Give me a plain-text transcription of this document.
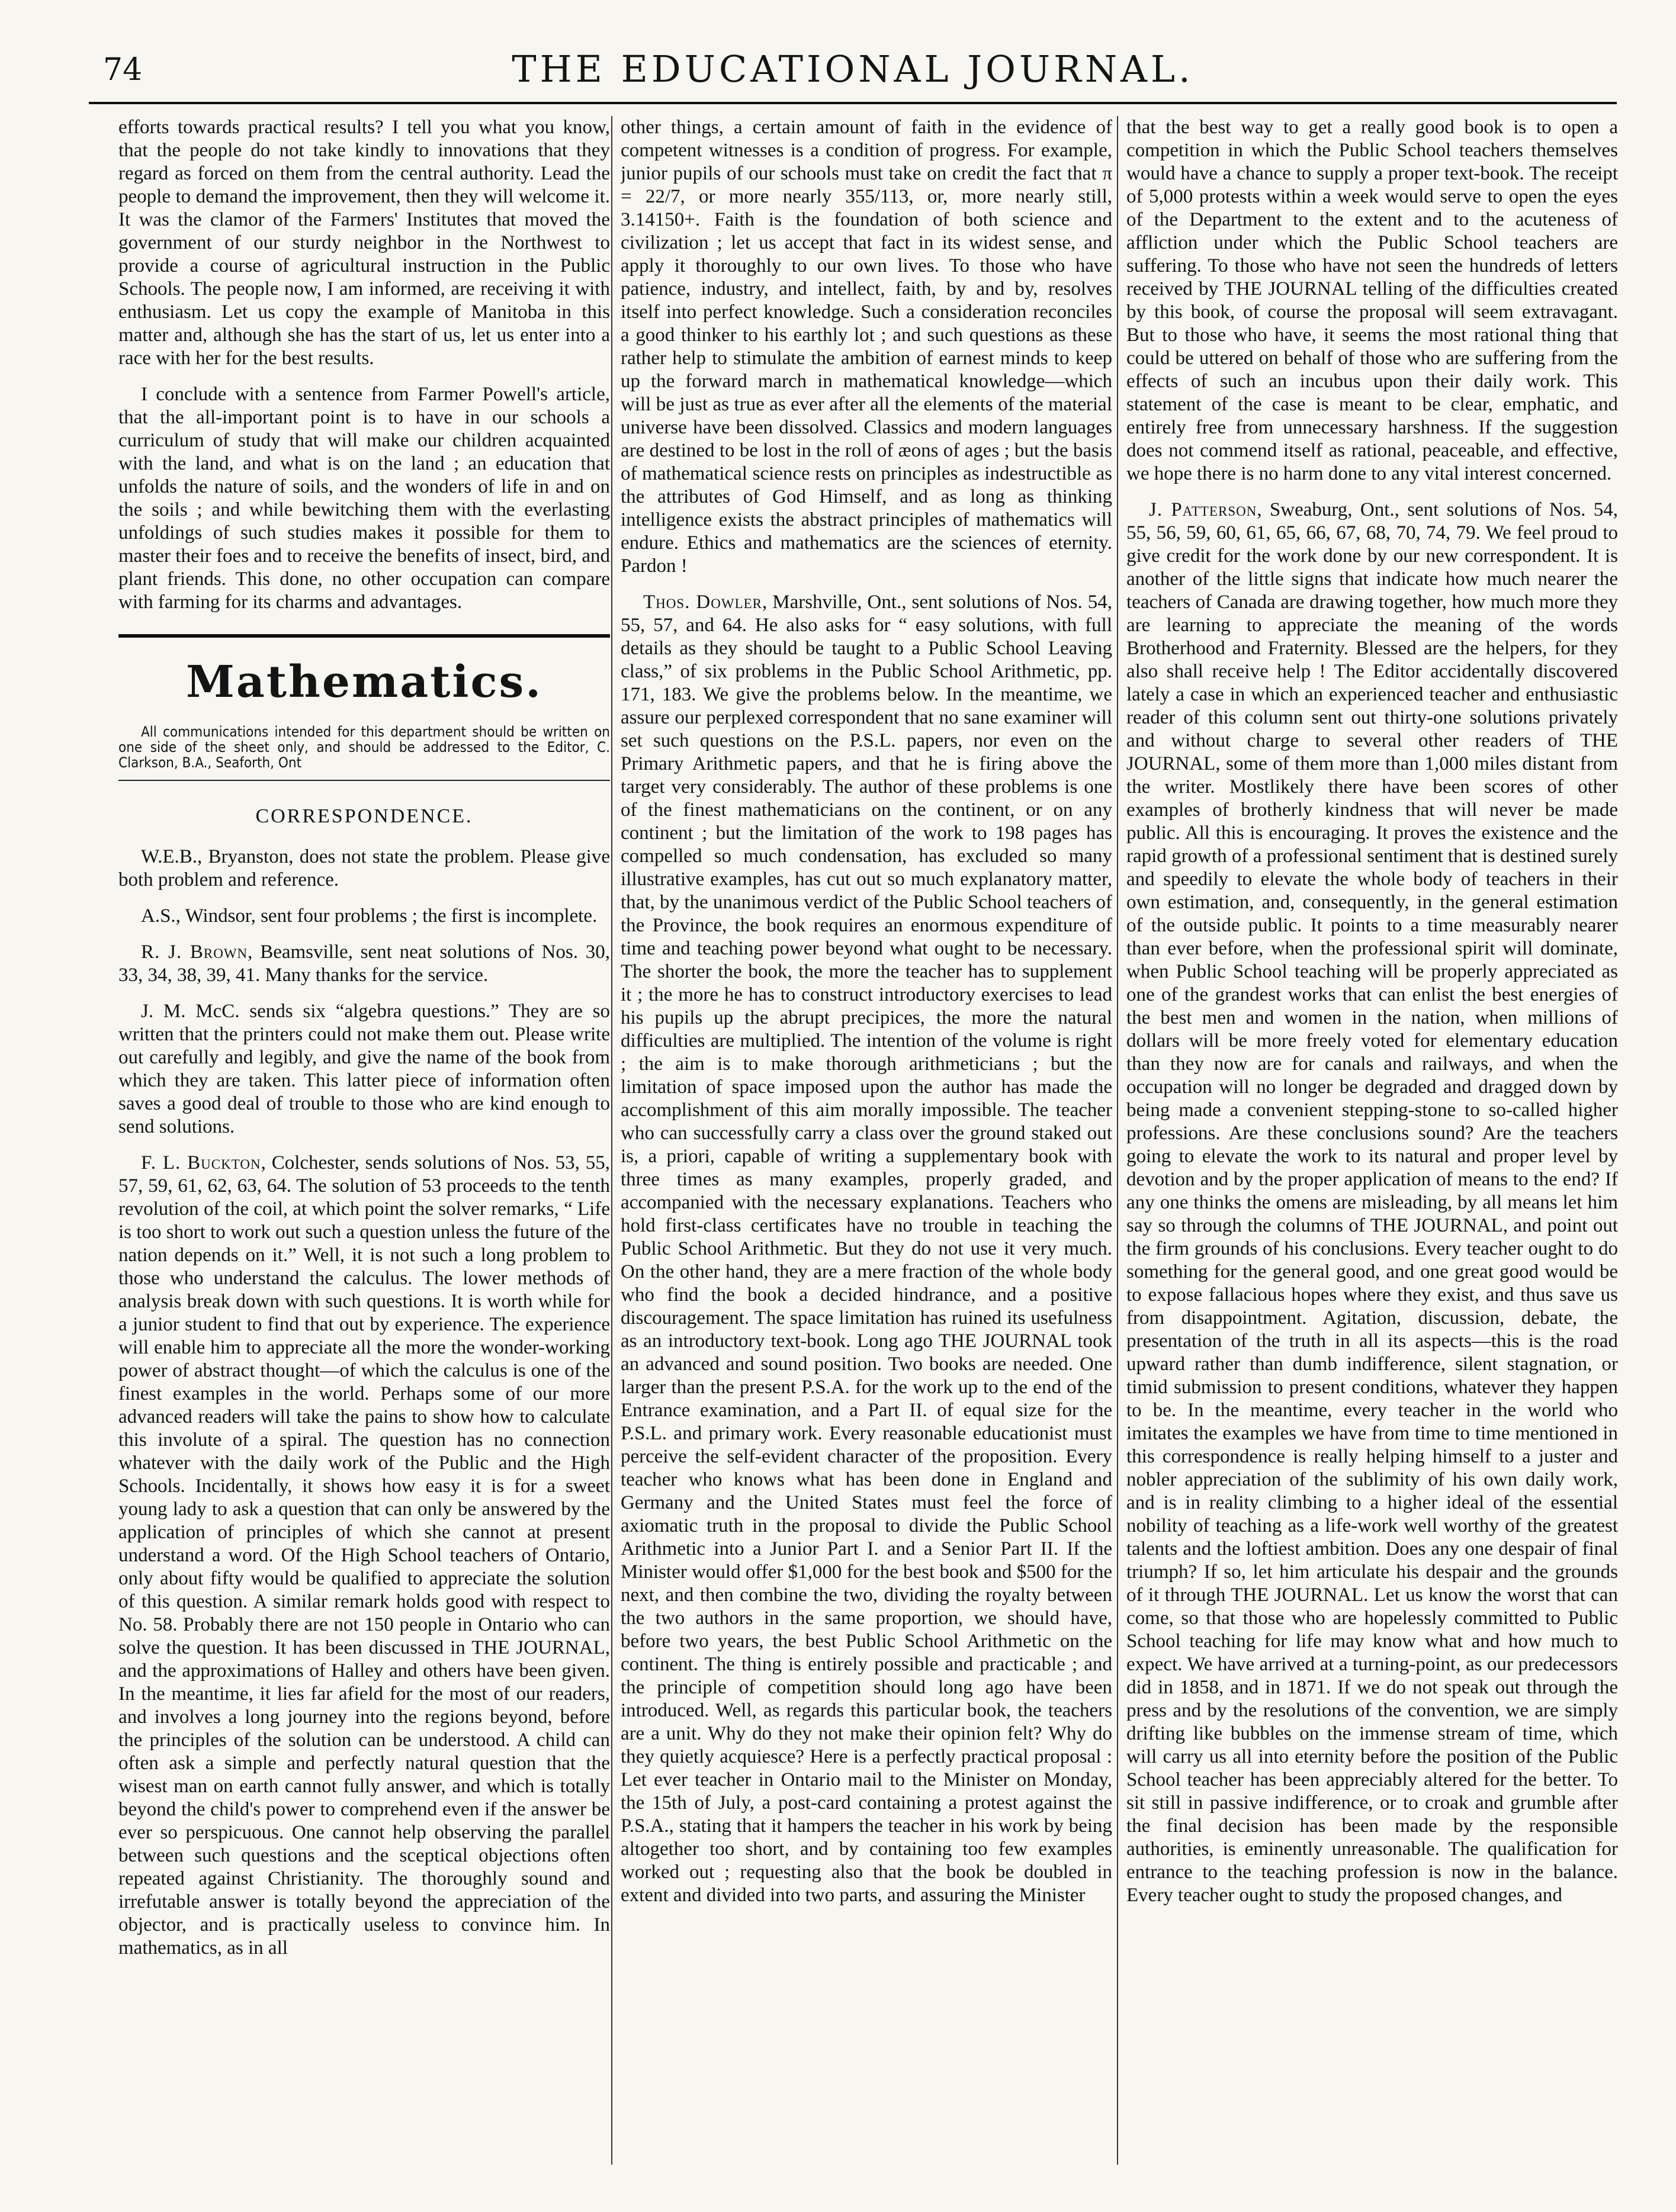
74	THE EDUCATIONAL JOURNAL.

efforts towards practical results? I tell you what you know, that the people do not take kindly to innovations that they regard as forced on them from the central authority. Lead the people to demand the improvement, then they will welcome it. It was the clamor of the Farmers' Institutes that moved the government of our sturdy neighbor in the Northwest to provide a course of agricultural instruction in the Public Schools. The people now, I am informed, are receiving it with enthusiasm. Let us copy the example of Manitoba in this matter and, although she has the start of us, let us enter into a race with her for the best results.

I conclude with a sentence from Farmer Powell's article, that the all-important point is to have in our schools a curriculum of study that will make our children acquainted with the land, and what is on the land ; an education that unfolds the nature of soils, and the wonders of life in and on the soils ; and while bewitching them with the everlasting unfoldings of such studies makes it possible for them to master their foes and to receive the benefits of insect, bird, and plant friends. This done, no other occupation can compare with farming for its charms and advantages.

Mathematics.
All communications intended for this department should be written on one side of the sheet only, and should be addressed to the Editor, C. Clarkson, B.A., Seaforth, Ont
CORRESPONDENCE.

W.E.B., Bryanston, does not state the problem. Please give both problem and reference.

A.S., Windsor, sent four problems ; the first is incomplete.

R. J. Brown, Beamsville, sent neat solutions of Nos. 30, 33, 34, 38, 39, 41. Many thanks for the service.

J. M. McC. sends six “algebra questions.” They are so written that the printers could not make them out. Please write out carefully and legibly, and give the name of the book from which they are taken. This latter piece of information often saves a good deal of trouble to those who are kind enough to send solutions.

F. L. Buckton, Colchester, sends solutions of Nos. 53, 55, 57, 59, 61, 62, 63, 64. The solution of 53 proceeds to the tenth revolution of the coil, at which point the solver remarks, “ Life is too short to work out such a question unless the future of the nation depends on it.” Well, it is not such a long problem to those who understand the calculus. The lower methods of analysis break down with such questions. It is worth while for a junior student to find that out by experience. The experience will enable him to appreciate all the more the wonder-working power of abstract thought—of which the calculus is one of the finest examples in the world. Perhaps some of our more advanced readers will take the pains to show how to calculate this involute of a spiral. The question has no connection whatever with the daily work of the Public and the High Schools. Incidentally, it shows how easy it is for a sweet young lady to ask a question that can only be answered by the application of principles of which she cannot at present understand a word. Of the High School teachers of Ontario, only about fifty would be qualified to appreciate the solution of this question. A similar remark holds good with respect to No. 58. Probably there are not 150 people in Ontario who can solve the question. It has been discussed in THE JOURNAL, and the approximations of Halley and others have been given. In the meantime, it lies far afield for the most of our readers, and involves a long journey into the regions beyond, before the principles of the solution can be understood. A child can often ask a simple and perfectly natural question that the wisest man on earth cannot fully answer, and which is totally beyond the child's power to comprehend even if the answer be ever so perspicuous. One cannot help observing the parallel between such questions and the sceptical objections often repeated against Christianity. The thoroughly sound and irrefutable answer is totally beyond the appreciation of the objector, and is practically useless to convince him. In mathematics, as in all

other things, a certain amount of faith in the evidence of competent witnesses is a condition of progress. For example, junior pupils of our schools must take on credit the fact that π = 22/7, or more nearly 355/113, or, more nearly still, 3.14150+. Faith is the foundation of both science and civilization ; let us accept that fact in its widest sense, and apply it thoroughly to our own lives. To those who have patience, industry, and intellect, faith, by and by, resolves itself into perfect knowledge. Such a consideration reconciles a good thinker to his earthly lot ; and such questions as these rather help to stimulate the ambition of earnest minds to keep up the forward march in mathematical knowledge—which will be just as true as ever after all the elements of the material universe have been dissolved. Classics and modern languages are destined to be lost in the roll of æons of ages ; but the basis of mathematical science rests on principles as indestructible as the attributes of God Himself, and as long as thinking intelligence exists the abstract principles of mathematics will endure. Ethics and mathematics are the sciences of eternity. Pardon !

Thos. Dowler, Marshville, Ont., sent solutions of Nos. 54, 55, 57, and 64. He also asks for “ easy solutions, with full details as they should be taught to a Public School Leaving class,” of six problems in the Public School Arithmetic, pp. 171, 183. We give the problems below. In the meantime, we assure our perplexed correspondent that no sane examiner will set such questions on the P.S.L. papers, nor even on the Primary Arithmetic papers, and that he is firing above the target very considerably. The author of these problems is one of the finest mathematicians on the continent, or on any continent ; but the limitation of the work to 198 pages has compelled so much condensation, has excluded so many illustrative examples, has cut out so much explanatory matter, that, by the unanimous verdict of the Public School teachers of the Province, the book requires an enormous expenditure of time and teaching power beyond what ought to be necessary. The shorter the book, the more the teacher has to supplement it ; the more he has to construct introductory exercises to lead his pupils up the abrupt precipices, the more the natural difficulties are multiplied. The intention of the volume is right ; the aim is to make thorough arithmeticians ; but the limitation of space imposed upon the author has made the accomplishment of this aim morally impossible. The teacher who can successfully carry a class over the ground staked out is, a priori, capable of writing a supplementary book with three times as many examples, properly graded, and accompanied with the necessary explanations. Teachers who hold first-class certificates have no trouble in teaching the Public School Arithmetic. But they do not use it very much. On the other hand, they are a mere fraction of the whole body who find the book a decided hindrance, and a positive discouragement. The space limitation has ruined its usefulness as an introductory text-book. Long ago THE JOURNAL took an advanced and sound position. Two books are needed. One larger than the present P.S.A. for the work up to the end of the Entrance examination, and a Part II. of equal size for the P.S.L. and primary work. Every reasonable educationist must perceive the self-evident character of the proposition. Every teacher who knows what has been done in England and Germany and the United States must feel the force of axiomatic truth in the proposal to divide the Public School Arithmetic into a Junior Part I. and a Senior Part II. If the Minister would offer $1,000 for the best book and $500 for the next, and then combine the two, dividing the royalty between the two authors in the same proportion, we should have, before two years, the best Public School Arithmetic on the continent. The thing is entirely possible and practicable ; and the principle of competition should long ago have been introduced. Well, as regards this particular book, the teachers are a unit. Why do they not make their opinion felt? Why do they quietly acquiesce? Here is a perfectly practical proposal : Let ever teacher in Ontario mail to the Minister on Monday, the 15th of July, a post-card containing a protest against the P.S.A., stating that it hampers the teacher in his work by being altogether too short, and by containing too few examples worked out ; requesting also that the book be doubled in extent and divided into two parts, and assuring the Minister

that the best way to get a really good book is to open a competition in which the Public School teachers themselves would have a chance to supply a proper text-book. The receipt of 5,000 protests within a week would serve to open the eyes of the Department to the extent and to the acuteness of affliction under which the Public School teachers are suffering. To those who have not seen the hundreds of letters received by THE JOURNAL telling of the difficulties created by this book, of course the proposal will seem extravagant. But to those who have, it seems the most rational thing that could be uttered on behalf of those who are suffering from the effects of such an incubus upon their daily work. This statement of the case is meant to be clear, emphatic, and entirely free from unnecessary harshness. If the suggestion does not commend itself as rational, peaceable, and effective, we hope there is no harm done to any vital interest concerned.

J. Patterson, Sweaburg, Ont., sent solutions of Nos. 54, 55, 56, 59, 60, 61, 65, 66, 67, 68, 70, 74, 79. We feel proud to give credit for the work done by our new correspondent. It is another of the little signs that indicate how much nearer the teachers of Canada are drawing together, how much more they are learning to appreciate the meaning of the words Brotherhood and Fraternity. Blessed are the helpers, for they also shall receive help ! The Editor accidentally discovered lately a case in which an experienced teacher and enthusiastic reader of this column sent out thirty-one solutions privately and without charge to several other readers of THE JOURNAL, some of them more than 1,000 miles distant from the writer. Mostlikely there have been scores of other examples of brotherly kindness that will never be made public. All this is encouraging. It proves the existence and the rapid growth of a professional sentiment that is destined surely and speedily to elevate the whole body of teachers in their own estimation, and, consequently, in the general estimation of the outside public. It points to a time measurably nearer than ever before, when the professional spirit will dominate, when Public School teaching will be properly appreciated as one of the grandest works that can enlist the best energies of the best men and women in the nation, when millions of dollars will be more freely voted for elementary education than they now are for canals and railways, and when the occupation will no longer be degraded and dragged down by being made a convenient stepping-stone to so-called higher professions. Are these conclusions sound? Are the teachers going to elevate the work to its natural and proper level by devotion and by the proper application of means to the end? If any one thinks the omens are misleading, by all means let him say so through the columns of THE JOURNAL, and point out the firm grounds of his conclusions. Every teacher ought to do something for the general good, and one great good would be to expose fallacious hopes where they exist, and thus save us from disappointment. Agitation, discussion, debate, the presentation of the truth in all its aspects—this is the road upward rather than dumb indifference, silent stagnation, or timid submission to present conditions, whatever they happen to be. In the meantime, every teacher in the world who imitates the examples we have from time to time mentioned in this correspondence is really helping himself to a juster and nobler appreciation of the sublimity of his own daily work, and is in reality climbing to a higher ideal of the essential nobility of teaching as a life-work well worthy of the greatest talents and the loftiest ambition. Does any one despair of final triumph? If so, let him articulate his despair and the grounds of it through THE JOURNAL. Let us know the worst that can come, so that those who are hopelessly committed to Public School teaching for life may know what and how much to expect. We have arrived at a turning-point, as our predecessors did in 1858, and in 1871. If we do not speak out through the press and by the resolutions of the convention, we are simply drifting like bubbles on the immense stream of time, which will carry us all into eternity before the position of the Public School teacher has been appreciably altered for the better. To sit still in passive indifference, or to croak and grumble after the final decision has been made by the responsible authorities, is eminently unreasonable. The qualification for entrance to the teaching profession is now in the balance. Every teacher ought to study the proposed changes, and
